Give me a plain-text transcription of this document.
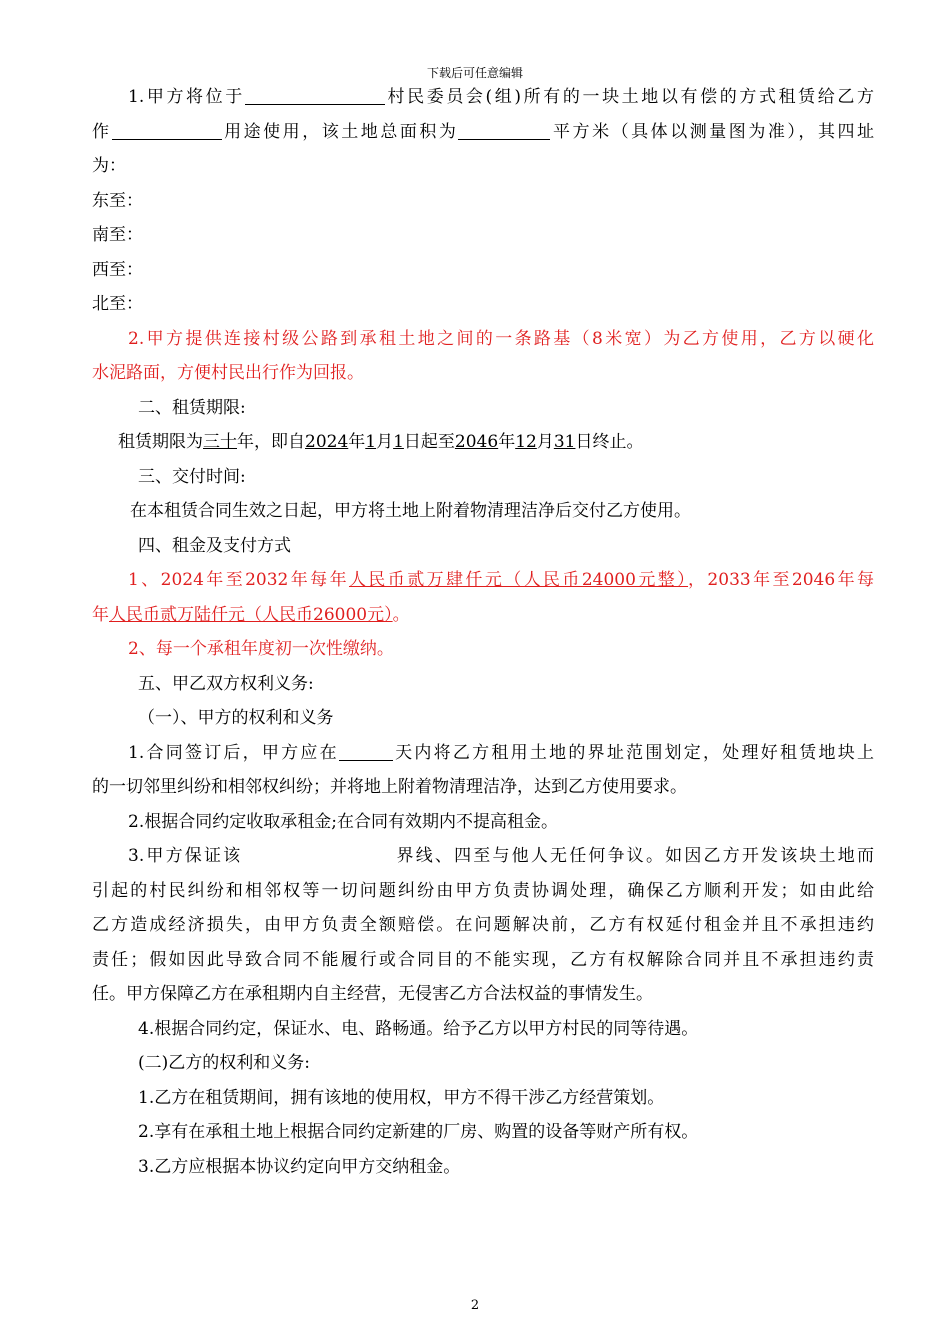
下载后可任意编辑

1.甲方将位于	村民委员会(组)所有的一块土地以有偿的方式租赁给乙方

作	用途使用，该土地总面积为	平方米（具体以测量图为准），其四址

为：

东至：

南至：

西至：

北至：

2.甲方提供连接村级公路到承租土地之间的一条路基（8米宽）为乙方使用，乙方以硬化

水泥路面，方便村民出行作为回报。

二、租赁期限:

租赁期限为三十年，即自2024年1月1日起至2046年12月31日终止。

三、交付时间:

在本租赁合同生效之日起，甲方将土地上附着物清理洁净后交付乙方使用。

四、租金及支付方式

1、2024年至2032年每年人民币贰万肆仟元（人民币24000元整），2033年至2046年每

年人民币贰万陆仟元（人民币26000元）。

2、每一个承租年度初一次性缴纳。

五、甲乙双方权利义务:

（一）、甲方的权利和义务

1.合同签订后，甲方应在	天内将乙方租用土地的界址范围划定，处理好租赁地块上

的一切邻里纠纷和相邻权纠纷；并将地上附着物清理洁净，达到乙方使用要求。

2.根据合同约定收取承租金;在合同有效期内不提高租金。

3.甲方保证该	界线、四至与他人无任何争议。如因乙方开发该块土地而

引起的村民纠纷和相邻权等一切问题纠纷由甲方负责协调处理，确保乙方顺利开发；如由此给

乙方造成经济损失，由甲方负责全额赔偿。在问题解决前，乙方有权延付租金并且不承担违约

责任；假如因此导致合同不能履行或合同目的不能实现，乙方有权解除合同并且不承担违约责

任。甲方保障乙方在承租期内自主经营，无侵害乙方合法权益的事情发生。

4.根据合同约定，保证水、电、路畅通。给予乙方以甲方村民的同等待遇。

(二)乙方的权利和义务:

1.乙方在租赁期间，拥有该地的使用权，甲方不得干涉乙方经营策划。

2.享有在承租土地上根据合同约定新建的厂房、购置的设备等财产所有权。

3.乙方应根据本协议约定向甲方交纳租金。

2
